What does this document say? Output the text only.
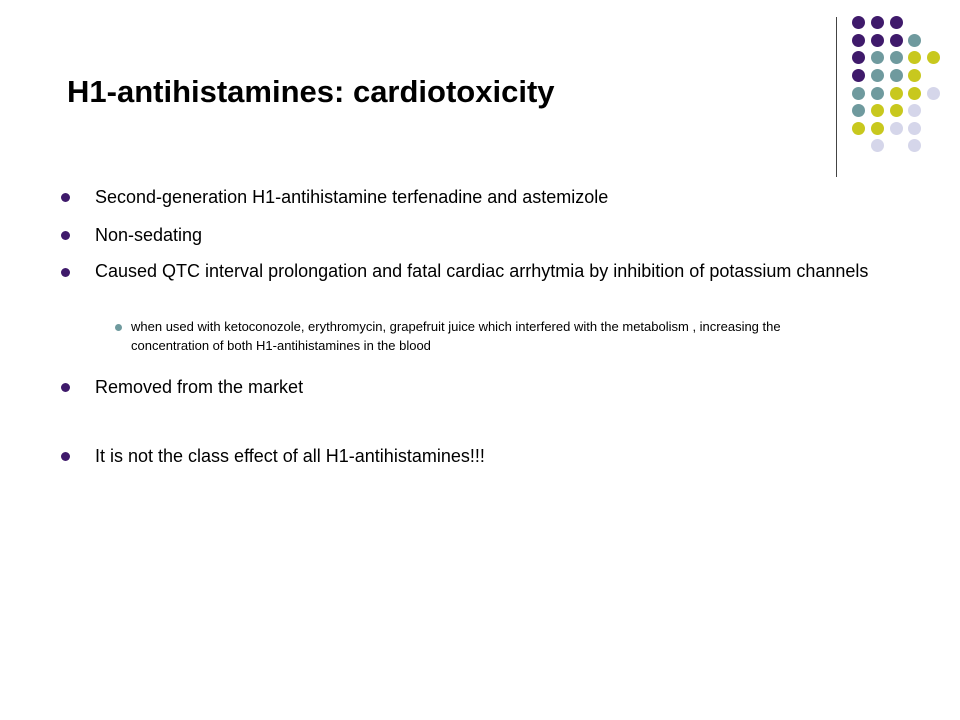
H1-antihistamines: cardiotoxicity
Second-generation H1-antihistamine terfenadine and astemizole
Non-sedating
Caused QTC interval prolongation and fatal cardiac arrhytmia by inhibition of potassium channels
when used with ketoconozole, erythromycin, grapefruit juice which interfered with the metabolism , increasing the concentration of both H1-antihistamines in the blood
Removed from the market
It is not the class effect of all H1-antihistamines!!!
